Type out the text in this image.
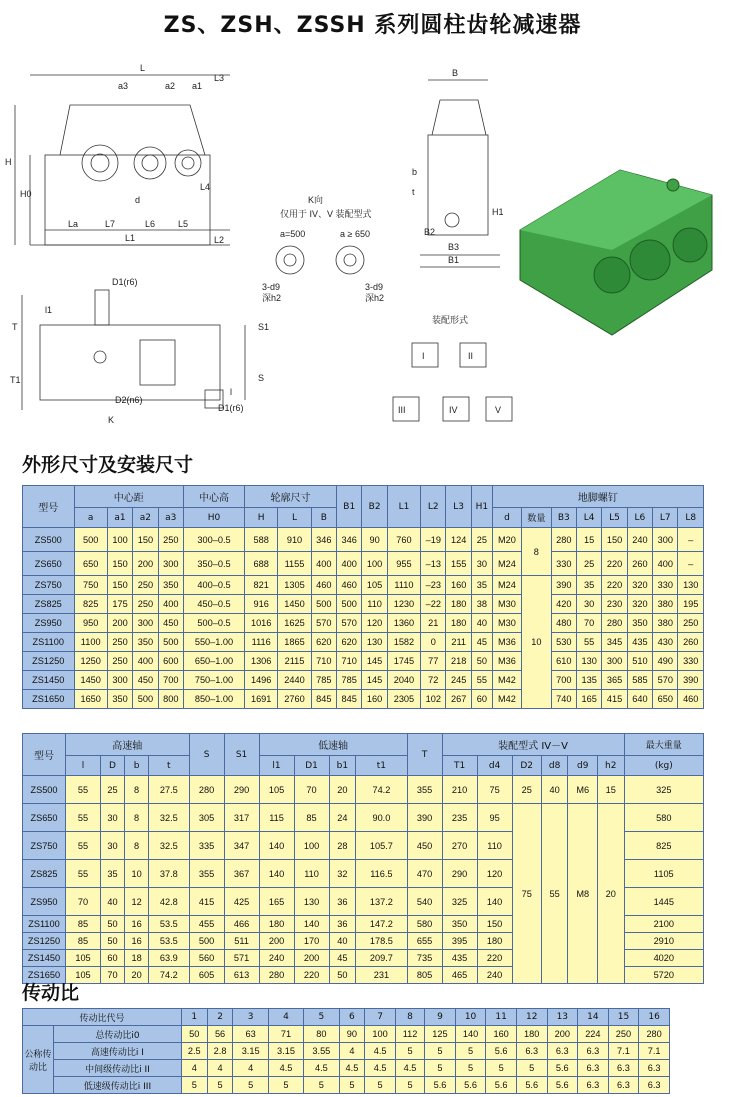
ZS、ZSH、ZSSH 系列圆柱齿轮减速器
L
a3	a2 a1
L3
H
H0
La	L7	L6	L5
L1
L4
L2
d
B
b
t
H1
B2
B3
B1
K向
仅用于 IV、V 装配型式
a=500	a ≥ 650
3-d9
深h2
3-d9
深h2
D1(r6)
l1
T
T1	S
S1
D2(n6)
K
l
D1(r6)
装配形式
I	II
III	IV	V
外形尺寸及安装尺寸
型号	中心距				中心高	轮廓尺寸			B1	B2	L1	L2	L3	H1	地脚螺钉							
	a	a1	a2	a3	H0	H	L	B							d	数量	B3	L4	L5	L6	L7	L8
ZS500	500	100	150	250	300–0.5	588	910	346	346	90	760	–19	124	25	M20	8	280	15	150	240	300	–
ZS650	650	150	200	300	350–0.5	688	1155	400	400	100	955	–13	155	30	M24		330	25	220	260	400	–
ZS750	750	150	250	350	400–0.5	821	1305	460	460	105	1110	–23	160	35	M24	10	390	35	220	320	330	130
ZS825	825	175	250	400	450–0.5	916	1450	500	500	110	1230	–22	180	38	M30		420	30	230	320	380	195
ZS950	950	200	300	450	500–0.5	1016	1625	570	570	120	1360	21	180	40	M30		480	70	280	350	380	250
ZS1100	1100	250	350	500	550–1.00	1116	1865	620	620	130	1582	0	211	45	M36		530	55	345	435	430	260
ZS1250	1250	250	400	600	650–1.00	1306	2115	710	710	145	1745	77	218	50	M36		610	130	300	510	490	330
ZS1450	1450	300	450	700	750–1.00	1496	2440	785	785	145	2040	72	245	55	M42		700	135	365	585	570	390
ZS1650	1650	350	500	800	850–1.00	1691	2760	845	845	160	2305	102	267	60	M42		740	165	415	640	650	460
型号	高速轴				S	S1	低速轴				T	装配型式 IV－V						最大重量
	l	D	b	t			l1	D1	b1	t1		T1	d4	D2	d8	d9	h2	(kg)
ZS500	55	25	8	27.5	280	290	105	70	20	74.2	355	210	75	25	40	M6	15	325
ZS650	55	30	8	32.5	305	317	115	85	24	90.0	390	235	95	75	55	M8	20	580
ZS750	55	30	8	32.5	335	347	140	100	28	105.7	450	270	110					825
ZS825	55	35	10	37.8	355	367	140	110	32	116.5	470	290	120					1105
ZS950	70	40	12	42.8	415	425	165	130	36	137.2	540	325	140					1445
ZS1100	85	50	16	53.5	455	466	180	140	36	147.2	580	350	150					2100
ZS1250	85	50	16	53.5	500	511	200	170	40	178.5	655	395	180					2910
ZS1450	105	60	18	63.9	560	571	240	200	45	209.7	735	435	220					4020
ZS1650	105	70	20	74.2	605	613	280	220	50	231	805	465	240					5720
传动比
传动比代号		1	2	3	4	5	6	7	8	9	10	11	12	13	14	15	16
公称传动比	总传动比i0	50	56	63	71	80	90	100	112	125	140	160	180	200	224	250	280
	高速传动比i I	2.5	2.8	3.15	3.15	3.55	4	4.5	5	5	5	5.6	6.3	6.3	6.3	7.1	7.1
	中间级传动比i II	4	4	4	4.5	4.5	4.5	4.5	4.5	5	5	5	5	5.6	6.3	6.3	6.3
	低速级传动比i III	5	5	5	5	5	5	5	5	5.6	5.6	5.6	5.6	5.6	6.3	6.3	6.3
